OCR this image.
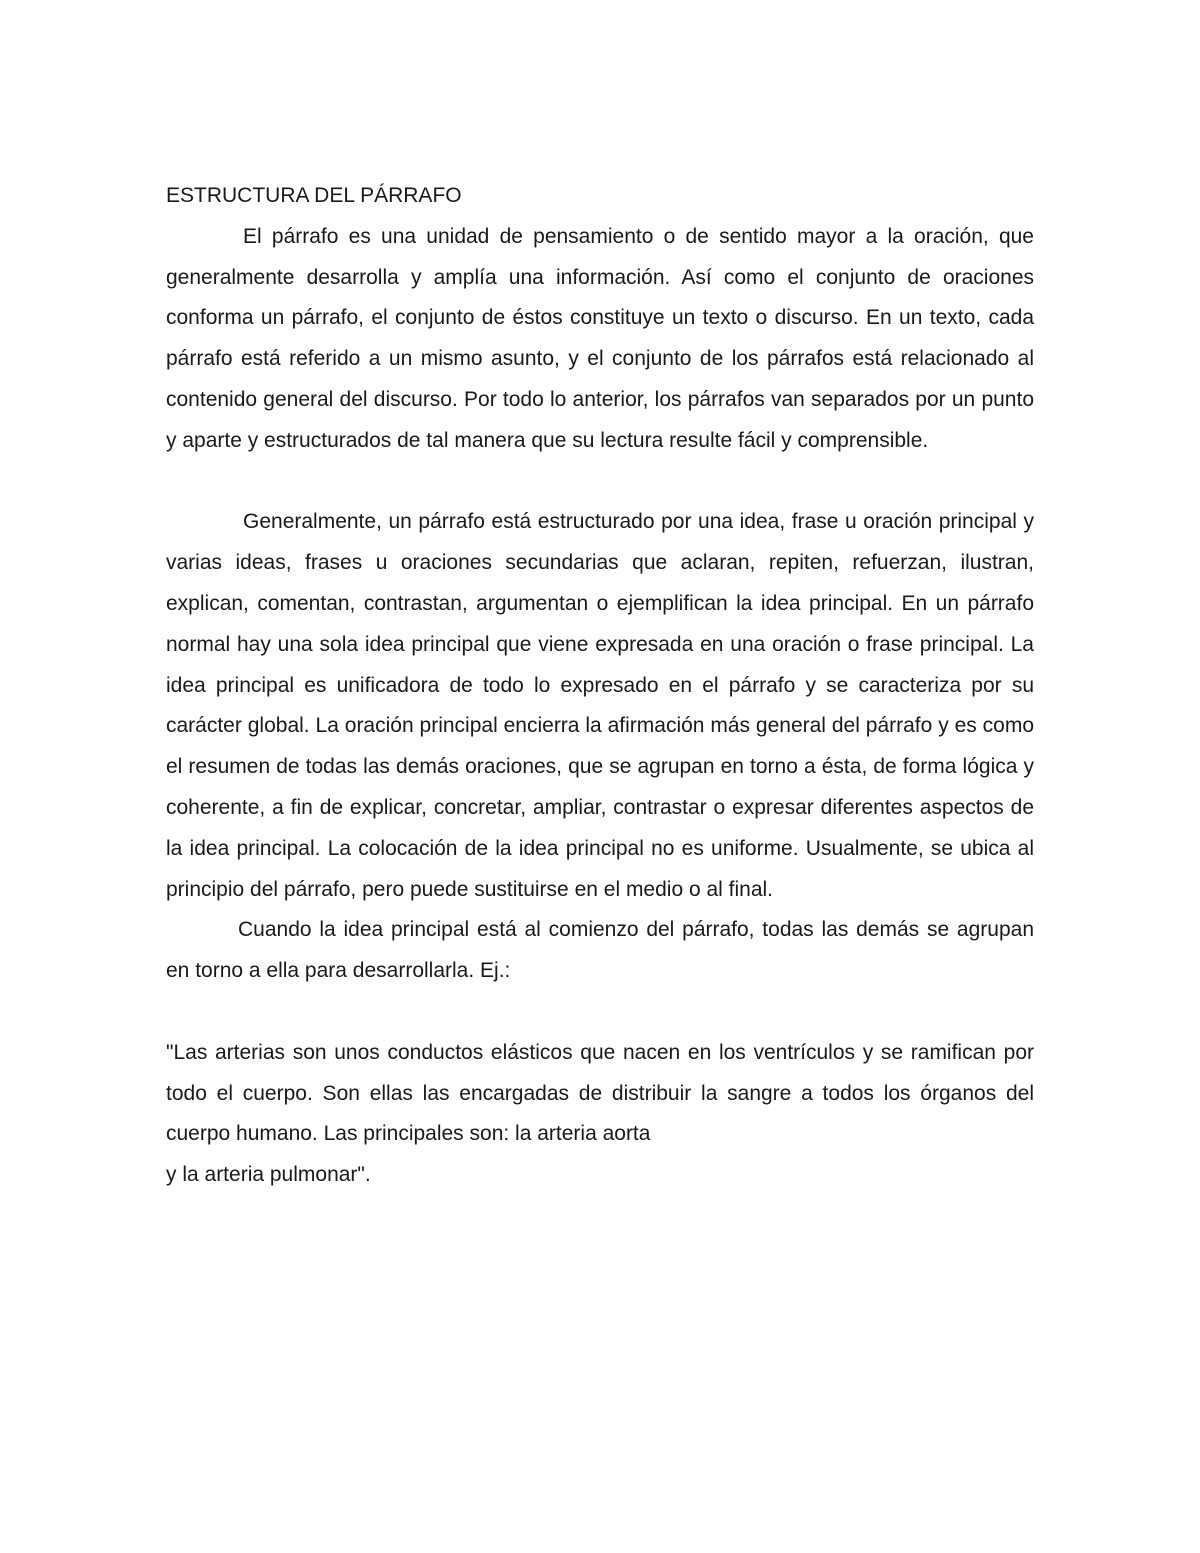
ESTRUCTURA DEL PÁRRAFO

El párrafo es una unidad de pensamiento o de sentido mayor a la oración, que generalmente desarrolla y amplía una información. Así como el conjunto de oraciones conforma un párrafo, el conjunto de éstos constituye un texto o discurso. En un texto, cada párrafo está referido a un mismo asunto, y el conjunto de los párrafos está relacionado al contenido general del discurso. Por todo lo anterior, los párrafos van separados por un punto y aparte y estructurados de tal manera que su lectura resulte fácil y comprensible.

Generalmente, un párrafo está estructurado por una idea, frase u oración principal y varias ideas, frases u oraciones secundarias que aclaran, repiten, refuerzan, ilustran, explican, comentan, contrastan, argumentan o ejemplifican la idea principal. En un párrafo normal hay una sola idea principal que viene expresada en una oración o frase principal. La idea principal es unificadora de todo lo expresado en el párrafo y se caracteriza por su carácter global. La oración principal encierra la afirmación más general del párrafo y es como el resumen de todas las demás oraciones, que se agrupan en torno a ésta, de forma lógica y coherente, a fin de explicar, concretar, ampliar, contrastar o expresar diferentes aspectos de la idea principal. La colocación de la idea principal no es uniforme. Usualmente, se ubica al principio del párrafo, pero puede sustituirse en el medio o al final.

Cuando la idea principal está al comienzo del párrafo, todas las demás se agrupan en torno a ella para desarrollarla. Ej.:

"Las arterias son unos conductos elásticos que nacen en los ventrículos y se ramifican por todo el cuerpo. Son ellas las encargadas de distribuir la sangre a todos los órganos del cuerpo humano. Las principales son: la arteria aorta

y la arteria pulmonar".
